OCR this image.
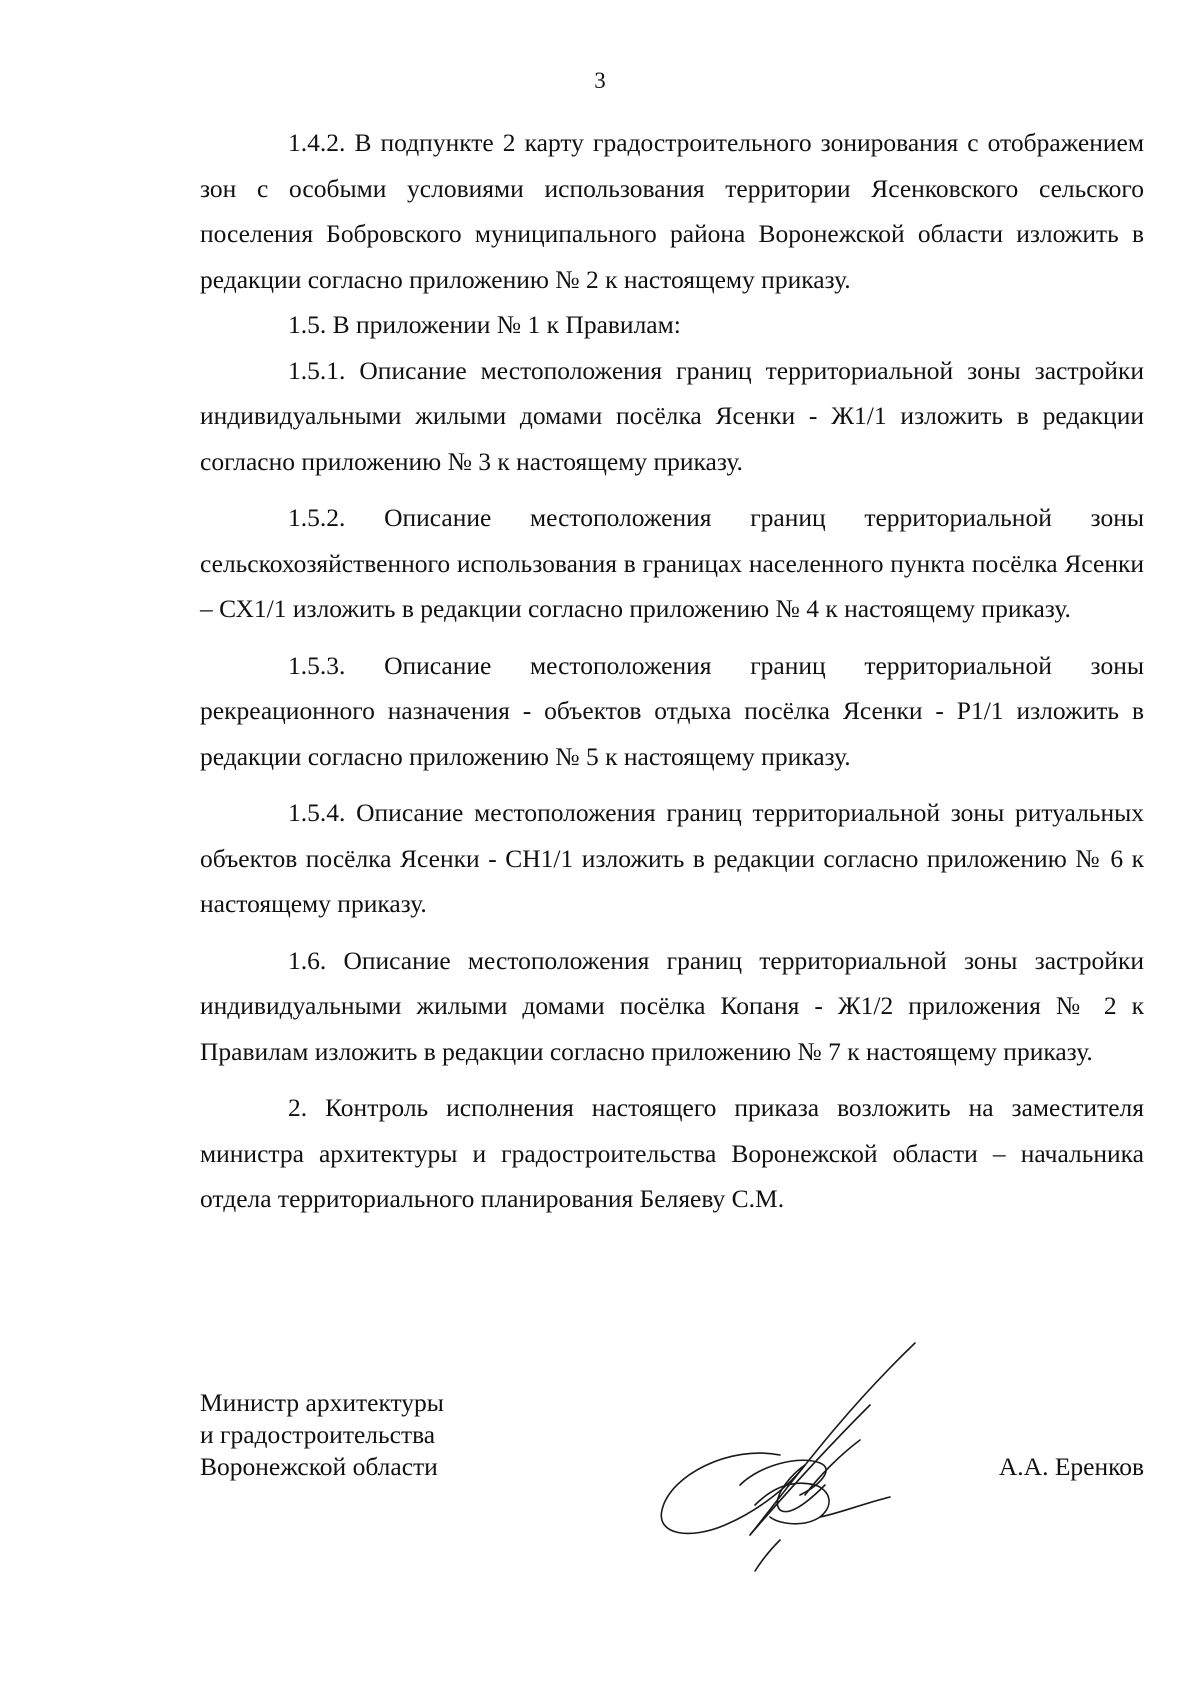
3

1.4.2. В подпункте 2 карту градостроительного зонирования с отображением зон с особыми условиями использования территории Ясенковского сельского поселения Бобровского муниципального района Воронежской области изложить в редакции согласно приложению № 2 к настоящему приказу.

1.5. В приложении № 1 к Правилам:

1.5.1. Описание местоположения границ территориальной зоны застройки индивидуальными жилыми домами посёлка Ясенки - Ж1/1 изложить в редакции согласно приложению № 3 к настоящему приказу.

1.5.2. Описание местоположения границ территориальной зоны сельскохозяйственного использования в границах населенного пункта посёлка Ясенки – СХ1/1 изложить в редакции согласно приложению № 4 к настоящему приказу.

1.5.3. Описание местоположения границ территориальной зоны рекреационного назначения - объектов отдыха посёлка Ясенки - Р1/1 изложить в редакции согласно приложению № 5 к настоящему приказу.

1.5.4. Описание местоположения границ территориальной зоны ритуальных объектов посёлка Ясенки - СН1/1 изложить в редакции согласно приложению № 6 к настоящему приказу.

1.6. Описание местоположения границ территориальной зоны застройки индивидуальными жилыми домами посёлка Копаня - Ж1/2 приложения № 2 к Правилам изложить в редакции согласно приложению № 7 к настоящему приказу.

2. Контроль исполнения настоящего приказа возложить на заместителя министра архитектуры и градостроительства Воронежской области – начальника отдела территориального планирования Беляеву С.М.

Министр архитектуры
и градостроительства
Воронежской области	А.А. Еренков
